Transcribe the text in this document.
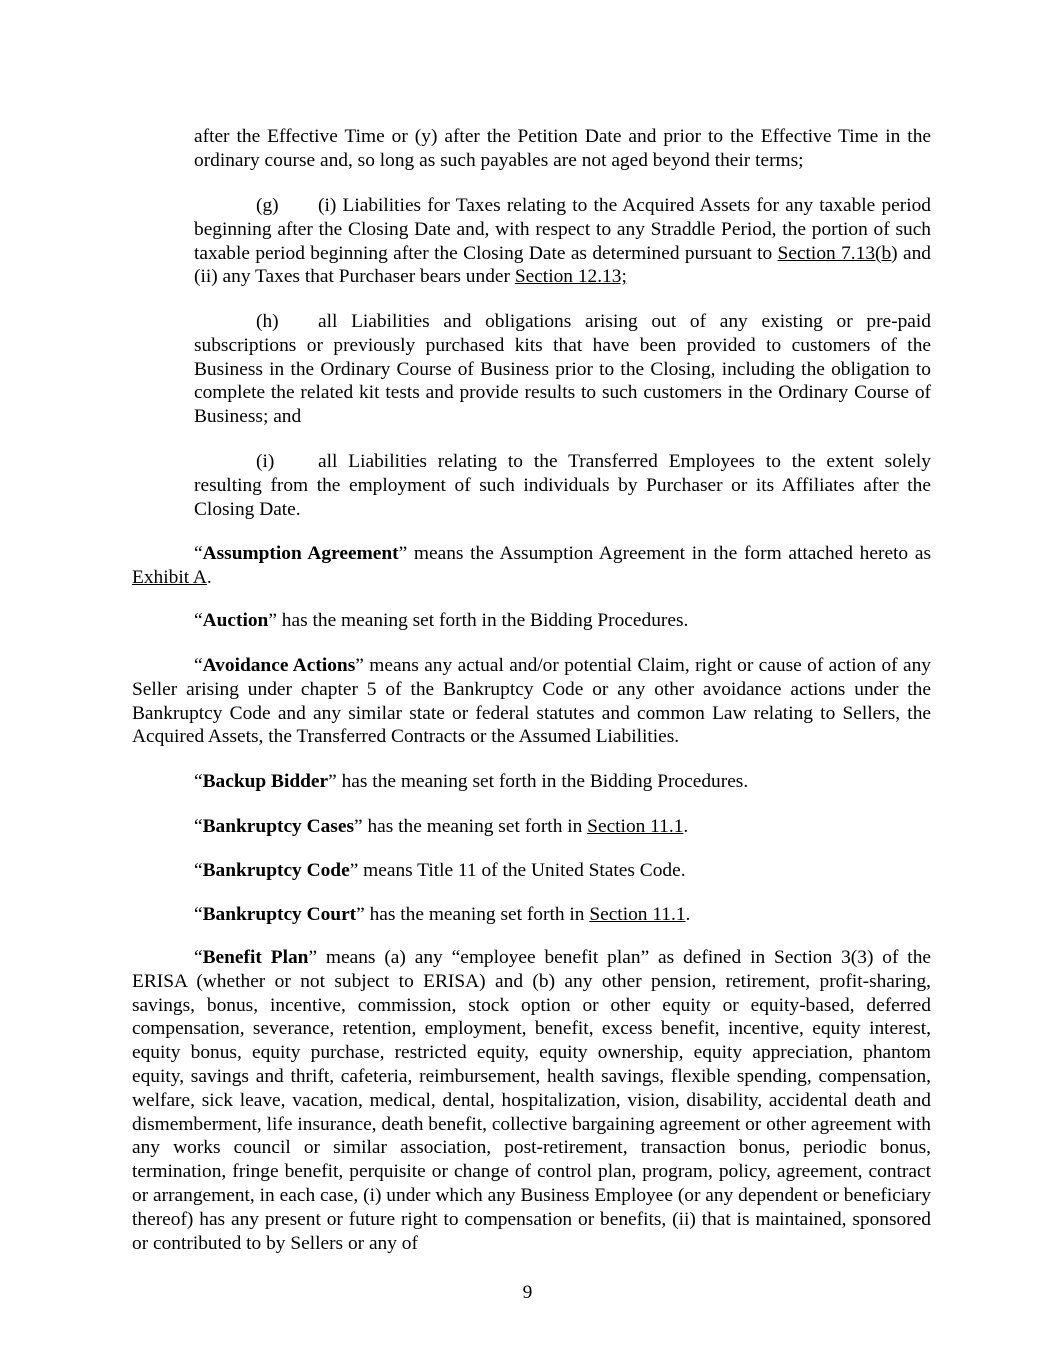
after the Effective Time or (y) after the Petition Date and prior to the Effective Time in the ordinary course and, so long as such payables are not aged beyond their terms;

(g) (i) Liabilities for Taxes relating to the Acquired Assets for any taxable period beginning after the Closing Date and, with respect to any Straddle Period, the portion of such taxable period beginning after the Closing Date as determined pursuant to Section 7.13(b) and (ii) any Taxes that Purchaser bears under Section 12.13;

(h) all Liabilities and obligations arising out of any existing or pre-paid subscriptions or previously purchased kits that have been provided to customers of the Business in the Ordinary Course of Business prior to the Closing, including the obligation to complete the related kit tests and provide results to such customers in the Ordinary Course of Business; and

(i) all Liabilities relating to the Transferred Employees to the extent solely resulting from the employment of such individuals by Purchaser or its Affiliates after the Closing Date.

“Assumption Agreement” means the Assumption Agreement in the form attached hereto as Exhibit A.

“Auction” has the meaning set forth in the Bidding Procedures.

“Avoidance Actions” means any actual and/or potential Claim, right or cause of action of any Seller arising under chapter 5 of the Bankruptcy Code or any other avoidance actions under the Bankruptcy Code and any similar state or federal statutes and common Law relating to Sellers, the Acquired Assets, the Transferred Contracts or the Assumed Liabilities.

“Backup Bidder” has the meaning set forth in the Bidding Procedures.

“Bankruptcy Cases” has the meaning set forth in Section 11.1.

“Bankruptcy Code” means Title 11 of the United States Code.

“Bankruptcy Court” has the meaning set forth in Section 11.1.

“Benefit Plan” means (a) any “employee benefit plan” as defined in Section 3(3) of the ERISA (whether or not subject to ERISA) and (b) any other pension, retirement, profit-sharing, savings, bonus, incentive, commission, stock option or other equity or equity-based, deferred compensation, severance, retention, employment, benefit, excess benefit, incentive, equity interest, equity bonus, equity purchase, restricted equity, equity ownership, equity appreciation, phantom equity, savings and thrift, cafeteria, reimbursement, health savings, flexible spending, compensation, welfare, sick leave, vacation, medical, dental, hospitalization, vision, disability, accidental death and dismemberment, life insurance, death benefit, collective bargaining agreement or other agreement with any works council or similar association, post-retirement, transaction bonus, periodic bonus, termination, fringe benefit, perquisite or change of control plan, program, policy, agreement, contract or arrangement, in each case, (i) under which any Business Employee (or any dependent or beneficiary thereof) has any present or future right to compensation or benefits, (ii) that is maintained, sponsored or contributed to by Sellers or any of

9
